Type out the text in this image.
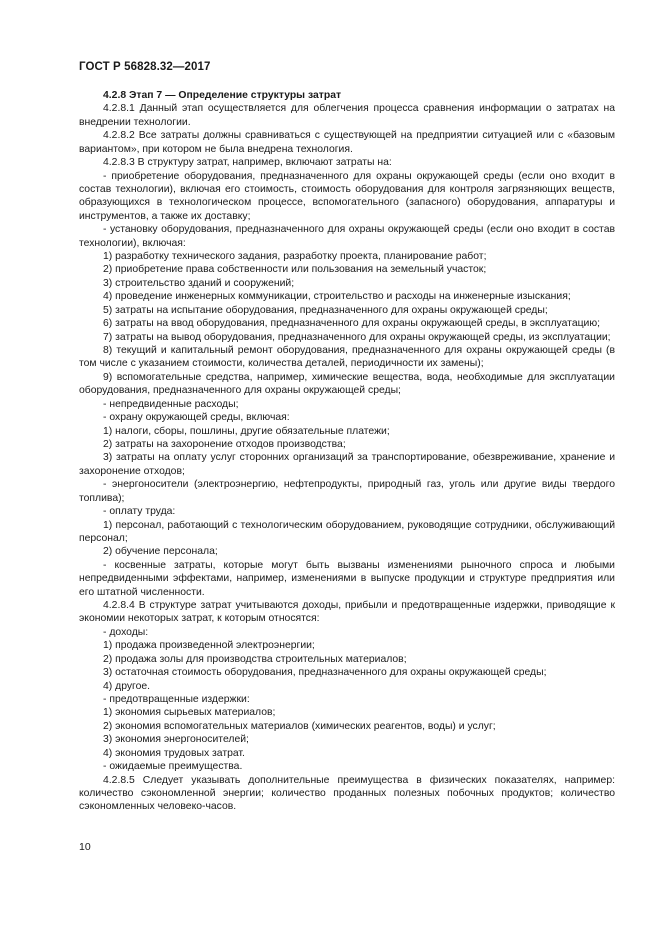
ГОСТ Р 56828.32—2017

4.2.8 Этап 7 — Определение структуры затрат

4.2.8.1 Данный этап осуществляется для облегчения процесса сравнения информации о затратах на внедрении технологии.

4.2.8.2 Все затраты должны сравниваться с существующей на предприятии ситуацией или с «базовым вариантом», при котором не была внедрена технология.

4.2.8.3 В структуру затрат, например, включают затраты на:

- приобретение оборудования, предназначенного для охраны окружающей среды (если оно входит в состав технологии), включая его стоимость, стоимость оборудования для контроля загрязняющих веществ, образующихся в технологическом процессе, вспомогательного (запасного) оборудования, аппаратуры и инструментов, а также их доставку;

- установку оборудования, предназначенного для охраны окружающей среды (если оно входит в состав технологии), включая:

1) разработку технического задания, разработку проекта, планирование работ;

2) приобретение права собственности или пользования на земельный участок;

3) строительство зданий и сооружений;

4) проведение инженерных коммуникации, строительство и расходы на инженерные изыскания;

5) затраты на испытание оборудования, предназначенного для охраны окружающей среды;

6) затраты на ввод оборудования, предназначенного для охраны окружающей среды, в эксплуатацию;

7) затраты на вывод оборудования, предназначенного для охраны окружающей среды, из эксплуатации;

8) текущий и капитальный ремонт оборудования, предназначенного для охраны окружающей среды (в том числе с указанием стоимости, количества деталей, периодичности их замены);

9) вспомогательные средства, например, химические вещества, вода, необходимые для эксплуатации оборудования, предназначенного для охраны окружающей среды;

- непредвиденные расходы;

- охрану окружающей среды, включая:

1) налоги, сборы, пошлины, другие обязательные платежи;

2) затраты на захоронение отходов производства;

3) затраты на оплату услуг сторонних организаций за транспортирование, обезвреживание, хранение и захоронение отходов;

- энергоносители (электроэнергию, нефтепродукты, природный газ, уголь или другие виды твердого топлива);

- оплату труда:

1) персонал, работающий с технологическим оборудованием, руководящие сотрудники, обслуживающий персонал;

2) обучение персонала;

- косвенные затраты, которые могут быть вызваны изменениями рыночного спроса и любыми непредвиденными эффектами, например, изменениями в выпуске продукции и структуре предприятия или его штатной численности.

4.2.8.4 В структуре затрат учитываются доходы, прибыли и предотвращенные издержки, приводящие к экономии некоторых затрат, к которым относятся:

- доходы:

1) продажа произведенной электроэнергии;

2) продажа золы для производства строительных материалов;

3) остаточная стоимость оборудования, предназначенного для охраны окружающей среды;

4) другое.

- предотвращенные издержки:

1) экономия сырьевых материалов;

2) экономия вспомогательных материалов (химических реагентов, воды) и услуг;

3) экономия энергоносителей;

4) экономия трудовых затрат.

- ожидаемые преимущества.

4.2.8.5 Следует указывать дополнительные преимущества в физических показателях, например: количество сэкономленной энергии; количество проданных полезных побочных продуктов; количество сэкономленных человеко-часов.

10
